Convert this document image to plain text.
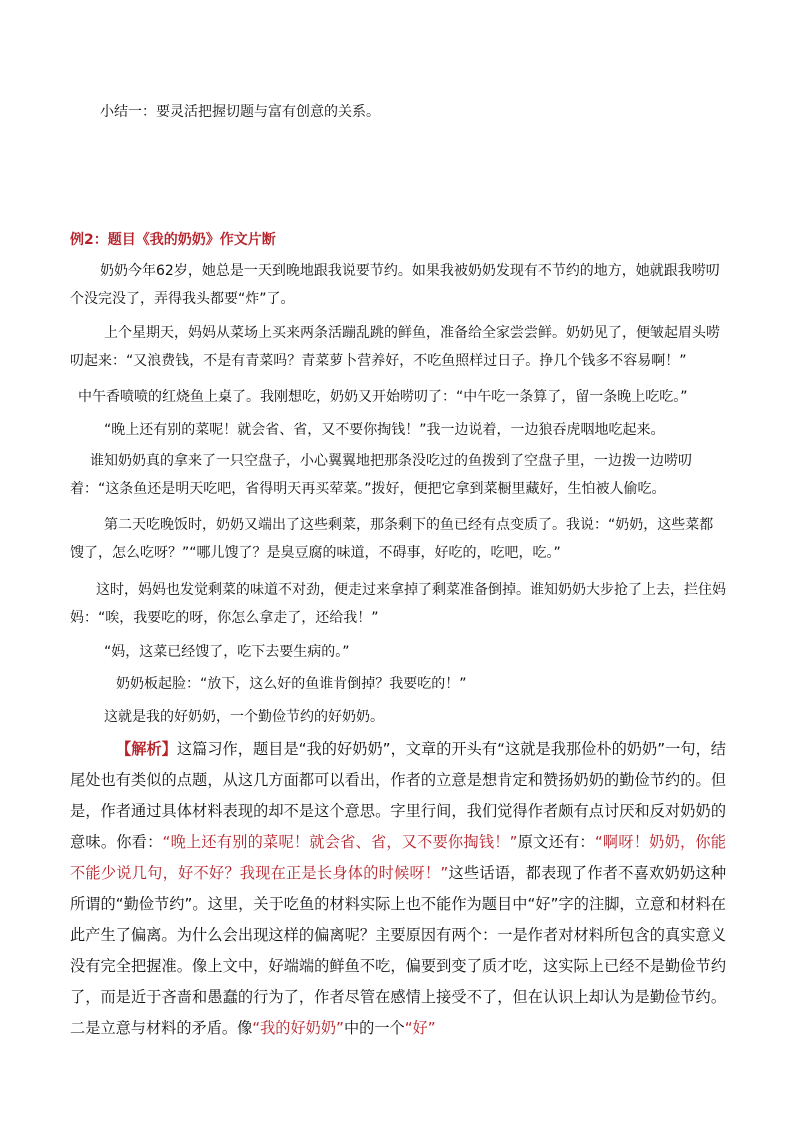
小结一：要灵活把握切题与富有创意的关系。

例2：题目《我的奶奶》作文片断

奶奶今年62岁，她总是一天到晚地跟我说要节约。如果我被奶奶发现有不节约的地方，她就跟我唠叨个没完没了，弄得我头都要“炸”了。

上个星期天，妈妈从菜场上买来两条活蹦乱跳的鲜鱼，准备给全家尝尝鲜。奶奶见了，便皱起眉头唠叨起来：“又浪费钱，不是有青菜吗？青菜萝卜营养好，不吃鱼照样过日子。挣几个钱多不容易啊！”

中午香喷喷的红烧鱼上桌了。我刚想吃，奶奶又开始唠叨了：“中午吃一条算了，留一条晚上吃吃。”

“晚上还有别的菜呢！就会省、省，又不要你掏钱！”我一边说着，一边狼吞虎咽地吃起来。

谁知奶奶真的拿来了一只空盘子，小心翼翼地把那条没吃过的鱼拨到了空盘子里，一边拨一边唠叨着：“这条鱼还是明天吃吧，省得明天再买荤菜。”拨好，便把它拿到菜橱里藏好，生怕被人偷吃。

第二天吃晚饭时，奶奶又端出了这些剩菜，那条剩下的鱼已经有点变质了。我说：“奶奶，这些菜都馊了，怎么吃呀？”“哪儿馊了？是臭豆腐的味道，不碍事，好吃的，吃吧，吃。”

这时，妈妈也发觉剩菜的味道不对劲，便走过来拿掉了剩菜准备倒掉。谁知奶奶大步抢了上去，拦住妈妈：“唉，我要吃的呀，你怎么拿走了，还给我！”

“妈，这菜已经馊了，吃下去要生病的。”

奶奶板起脸：“放下，这么好的鱼谁肯倒掉？我要吃的！”

这就是我的好奶奶，一个勤俭节约的好奶奶。

【解析】这篇习作，题目是“我的好奶奶”，文章的开头有“这就是我那俭朴的奶奶”一句，结尾处也有类似的点题，从这几方面都可以看出，作者的立意是想肯定和赞扬奶奶的勤俭节约的。但是，作者通过具体材料表现的却不是这个意思。字里行间，我们觉得作者颇有点讨厌和反对奶奶的意味。你看：“晚上还有别的菜呢！就会省、省，又不要你掏钱！”原文还有：“啊呀！奶奶，你能不能少说几句，好不好？我现在正是长身体的时候呀！”这些话语，都表现了作者不喜欢奶奶这种所谓的“勤俭节约”。这里，关于吃鱼的材料实际上也不能作为题目中“好”字的注脚，立意和材料在此产生了偏离。为什么会出现这样的偏离呢？主要原因有两个：一是作者对材料所包含的真实意义没有完全把握准。像上文中，好端端的鲜鱼不吃，偏要到变了质才吃，这实际上已经不是勤俭节约了，而是近于吝啬和愚蠢的行为了，作者尽管在感情上接受不了，但在认识上却认为是勤俭节约。二是立意与材料的矛盾。像“我的好奶奶”中的一个“好”
